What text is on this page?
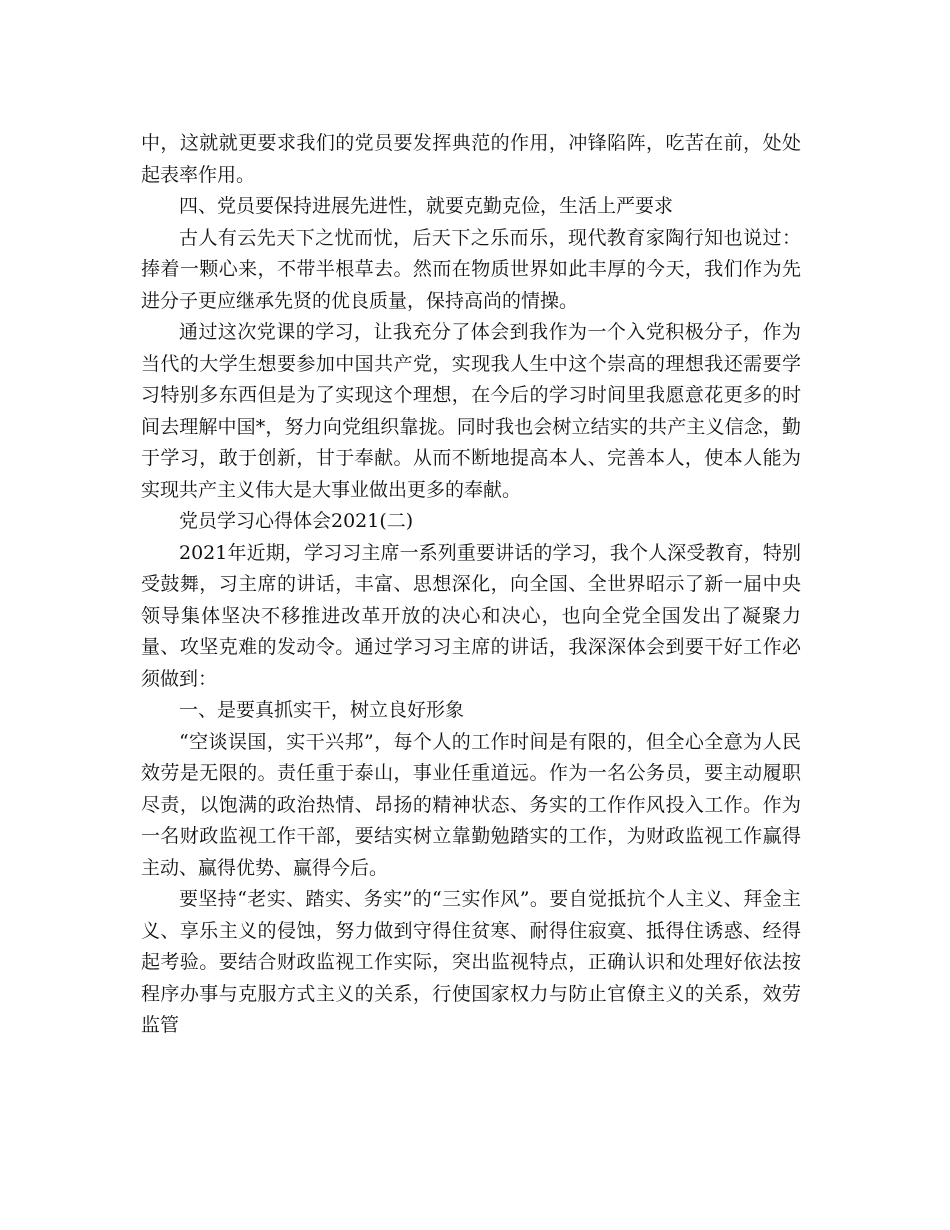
中，这就就更要求我们的党员要发挥典范的作用，冲锋陷阵，吃苦在前，处处起表率作用。

四、党员要保持进展先进性，就要克勤克俭，生活上严要求

古人有云先天下之忧而忧，后天下之乐而乐，现代教育家陶行知也说过：捧着一颗心来，不带半根草去。然而在物质世界如此丰厚的今天，我们作为先进分子更应继承先贤的优良质量，保持高尚的情操。

通过这次党课的学习，让我充分了体会到我作为一个入党积极分子，作为当代的大学生想要参加中国共产党，实现我人生中这个崇高的理想我还需要学习特别多东西但是为了实现这个理想，在今后的学习时间里我愿意花更多的时间去理解中国*，努力向党组织靠拢。同时我也会树立结实的共产主义信念，勤于学习，敢于创新，甘于奉献。从而不断地提高本人、完善本人，使本人能为实现共产主义伟大是大事业做出更多的奉献。

党员学习心得体会2021(二)

2021年近期，学习习主席一系列重要讲话的学习，我个人深受教育，特别受鼓舞，习主席的讲话，丰富、思想深化，向全国、全世界昭示了新一届中央领导集体坚决不移推进改革开放的决心和决心，也向全党全国发出了凝聚力量、攻坚克难的发动令。通过学习习主席的讲话，我深深体会到要干好工作必须做到：

一、是要真抓实干，树立良好形象

“空谈误国，实干兴邦”，每个人的工作时间是有限的，但全心全意为人民效劳是无限的。责任重于泰山，事业任重道远。作为一名公务员，要主动履职尽责，以饱满的政治热情、昂扬的精神状态、务实的工作作风投入工作。作为一名财政监视工作干部，要结实树立靠勤勉踏实的工作，为财政监视工作赢得主动、赢得优势、赢得今后。

要坚持“老实、踏实、务实”的“三实作风”。要自觉抵抗个人主义、拜金主义、享乐主义的侵蚀，努力做到守得住贫寒、耐得住寂寞、抵得住诱惑、经得起考验。要结合财政监视工作实际，突出监视特点，正确认识和处理好依法按程序办事与克服方式主义的关系，行使国家权力与防止官僚主义的关系，效劳监管
